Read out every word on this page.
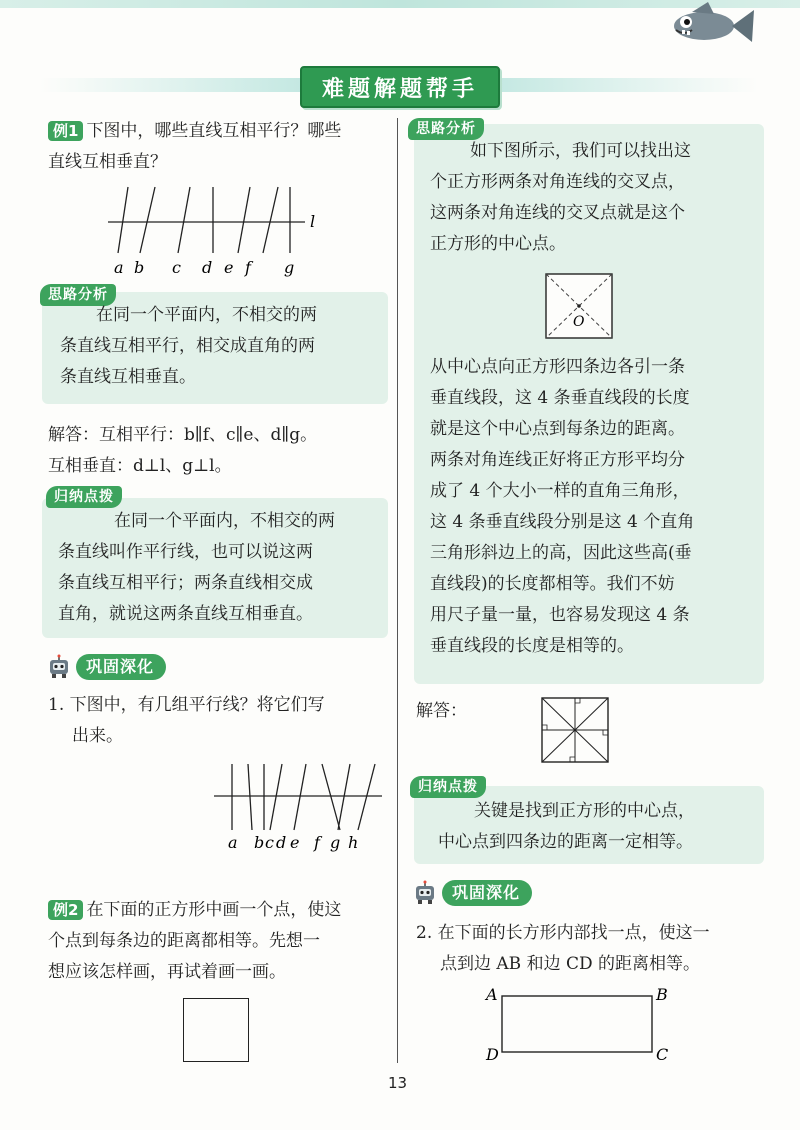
难题解题帮手
例1 下图中，哪些直线互相平行？哪些
直线互相垂直？
l
a b c d e f g
思路分析
在同一个平面内，不相交的两
条直线互相平行，相交成直角的两
条直线互相垂直。
解答：互相平行：b∥f、c∥e、d∥g。
互相垂直：d⊥l、g⊥l。
归纳点拨
在同一个平面内，不相交的两
条直线叫作平行线，也可以说这两
条直线互相平行；两条直线相交成
直角，就说这两条直线互相垂直。
巩固深化
1. 下图中，有几组平行线？将它们写
出来。
a b c d e f g h
例2 在下面的正方形中画一个点，使这
个点到每条边的距离都相等。先想一
想应该怎样画，再试着画一画。
思路分析
如下图所示，我们可以找出这
个正方形两条对角连线的交叉点，
这两条对角连线的交叉点就是这个
正方形的中心点。
O
从中心点向正方形四条边各引一条
垂直线段，这 4 条垂直线段的长度
就是这个中心点到每条边的距离。
两条对角连线正好将正方形平均分
成了 4 个大小一样的直角三角形，
这 4 条垂直线段分别是这 4 个直角
三角形斜边上的高，因此这些高(垂
直线段)的长度都相等。我们不妨
用尺子量一量，也容易发现这 4 条
垂直线段的长度是相等的。
解答：
归纳点拨
关键是找到正方形的中心点，
中心点到四条边的距离一定相等。
巩固深化
2. 在下面的长方形内部找一点，使这一
点到边 AB 和边 CD 的距离相等。
A	B
C
D
13
